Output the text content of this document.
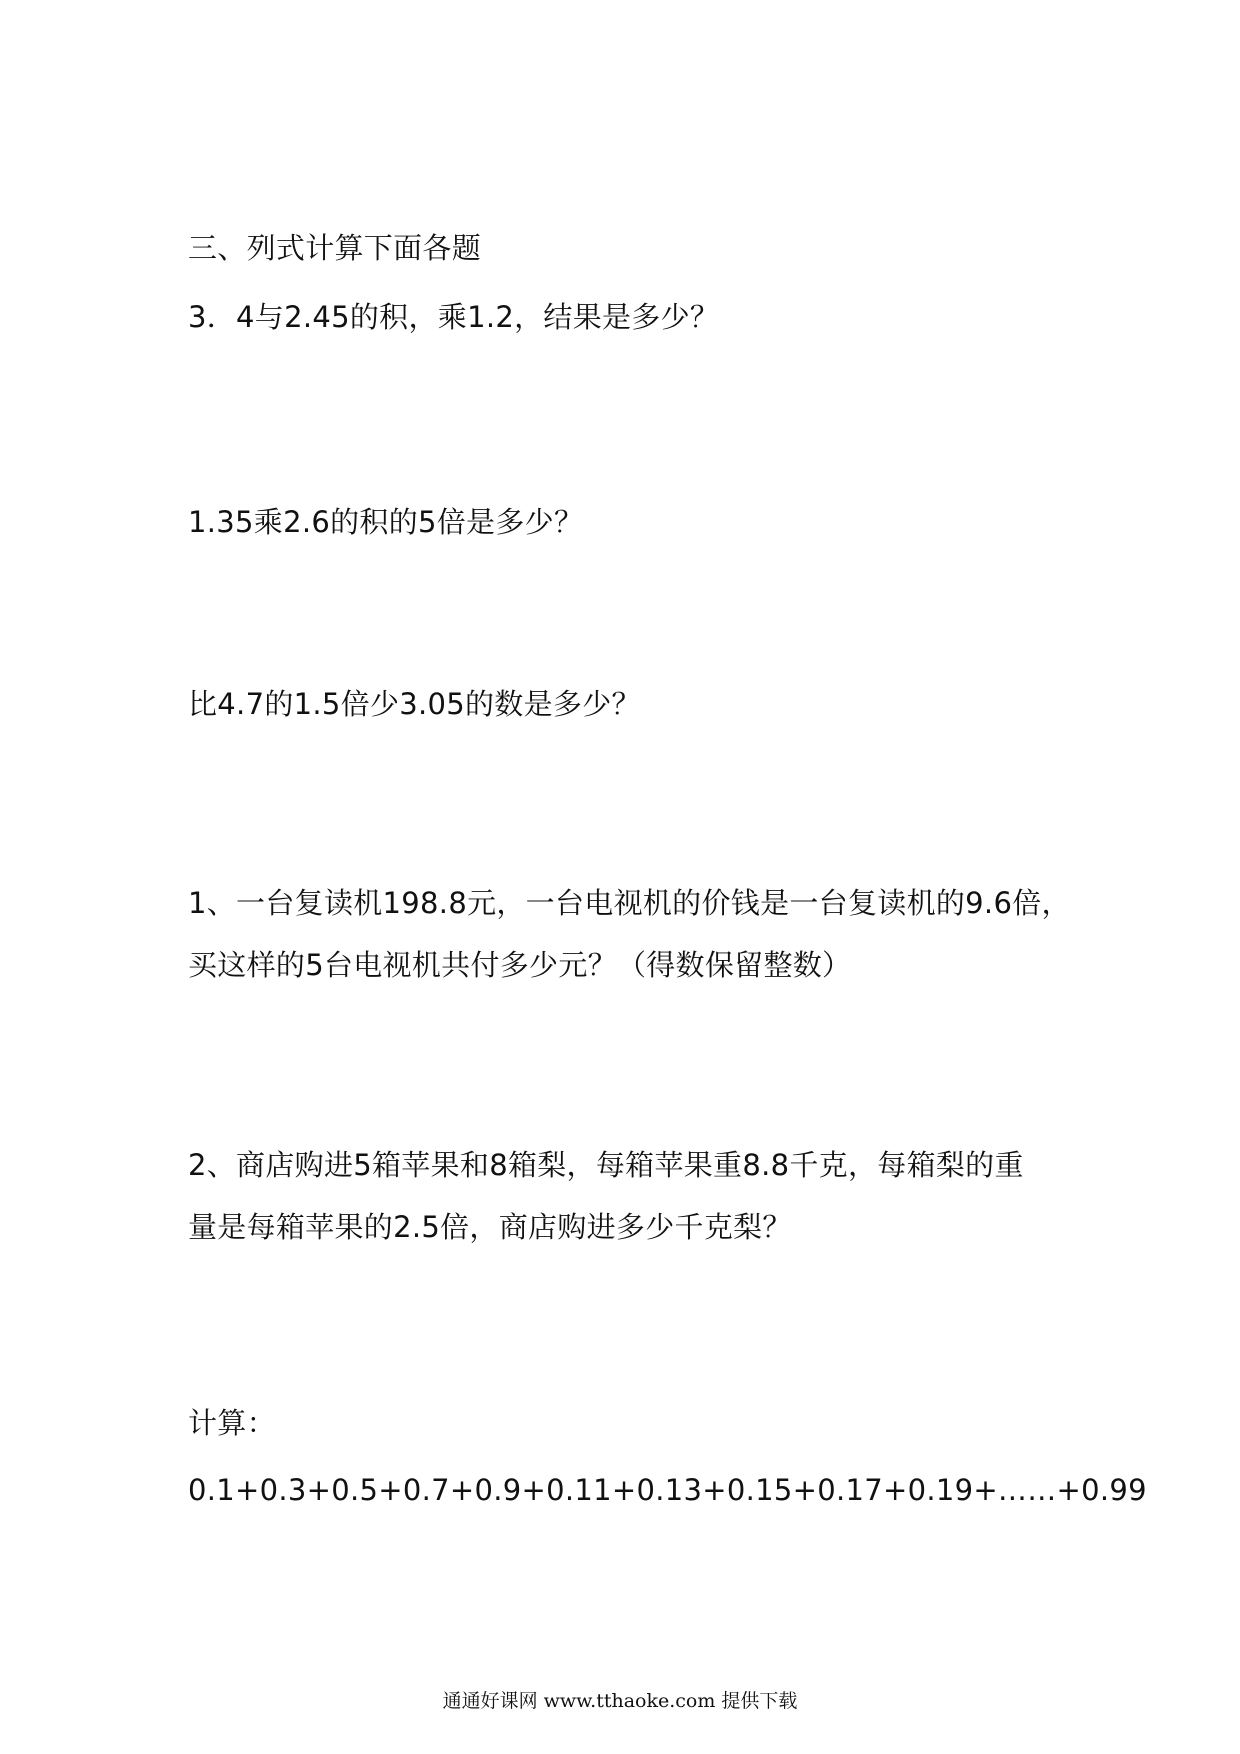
三、列式计算下面各题
3．4与2.45的积，乘1.2，结果是多少？
1.35乘2.6的积的5倍是多少？
比4.7的1.5倍少3.05的数是多少？
1、一台复读机198.8元，一台电视机的价钱是一台复读机的9.6倍，
买这样的5台电视机共付多少元？（得数保留整数）
2、商店购进5箱苹果和8箱梨，每箱苹果重8.8千克，每箱梨的重
量是每箱苹果的2.5倍，商店购进多少千克梨？
计算：
0.1+0.3+0.5+0.7+0.9+0.11+0.13+0.15+0.17+0.19+……+0.99
通通好课网 www.tthaoke.com 提供下载
